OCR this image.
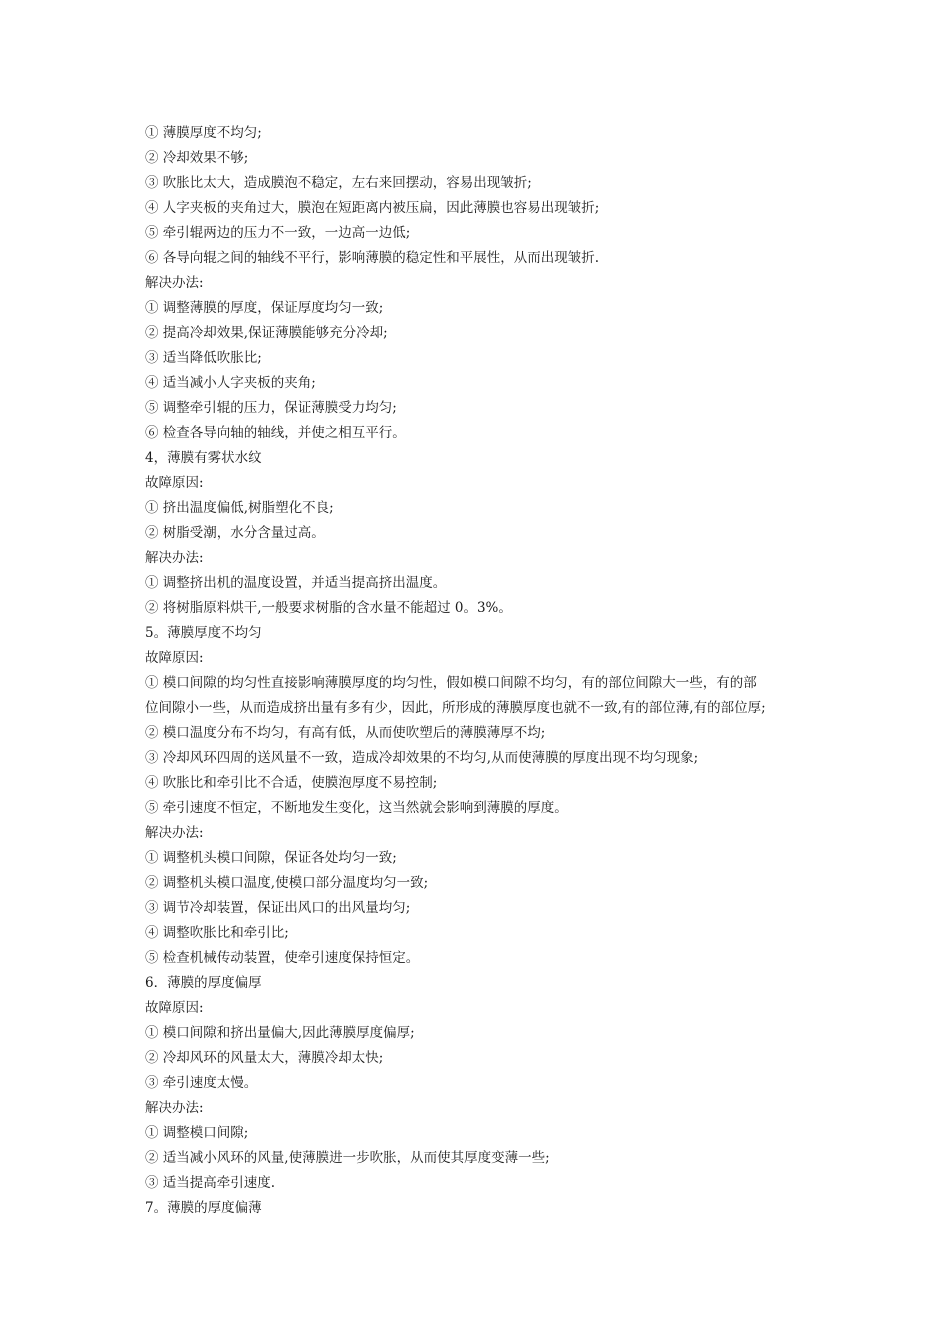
① 薄膜厚度不均匀;
② 冷却效果不够;
③ 吹胀比太大，造成膜泡不稳定，左右来回摆动，容易出现皱折;
④ 人字夹板的夹角过大，膜泡在短距离内被压扁，因此薄膜也容易出现皱折;
⑤ 牵引辊两边的压力不一致，一边高一边低;
⑥ 各导向辊之间的轴线不平行，影响薄膜的稳定性和平展性，从而出现皱折.
解决办法:
① 调整薄膜的厚度，保证厚度均匀一致;
② 提高冷却效果,保证薄膜能够充分冷却;
③ 适当降低吹胀比;
④ 适当减小人字夹板的夹角;
⑤ 调整牵引辊的压力，保证薄膜受力均匀;
⑥ 检查各导向轴的轴线，并使之相互平行。
4，薄膜有雾状水纹
故障原因:
① 挤出温度偏低,树脂塑化不良;
② 树脂受潮，水分含量过高。
解决办法:
① 调整挤出机的温度设置，并适当提高挤出温度。
② 将树脂原料烘干,一般要求树脂的含水量不能超过 0。3%。
5。薄膜厚度不均匀
故障原因:
① 模口间隙的均匀性直接影响薄膜厚度的均匀性，假如模口间隙不均匀，有的部位间隙大一些，有的部
位间隙小一些，从而造成挤出量有多有少，因此，所形成的薄膜厚度也就不一致,有的部位薄,有的部位厚;
② 模口温度分布不均匀，有高有低，从而使吹塑后的薄膜薄厚不均;
③ 冷却风环四周的送风量不一致，造成冷却效果的不均匀,从而使薄膜的厚度出现不均匀现象;
④ 吹胀比和牵引比不合适，使膜泡厚度不易控制;
⑤ 牵引速度不恒定，不断地发生变化，这当然就会影响到薄膜的厚度。
解决办法:
① 调整机头模口间隙，保证各处均匀一致;
② 调整机头模口温度,使模口部分温度均匀一致;
③ 调节冷却装置，保证出风口的出风量均匀;
④ 调整吹胀比和牵引比;
⑤ 检查机械传动装置，使牵引速度保持恒定。
6．薄膜的厚度偏厚
故障原因:
① 模口间隙和挤出量偏大,因此薄膜厚度偏厚;
② 冷却风环的风量太大，薄膜冷却太快;
③ 牵引速度太慢。
解决办法:
① 调整模口间隙;
② 适当减小风环的风量,使薄膜进一步吹胀，从而使其厚度变薄一些;
③ 适当提高牵引速度.
7。薄膜的厚度偏薄
